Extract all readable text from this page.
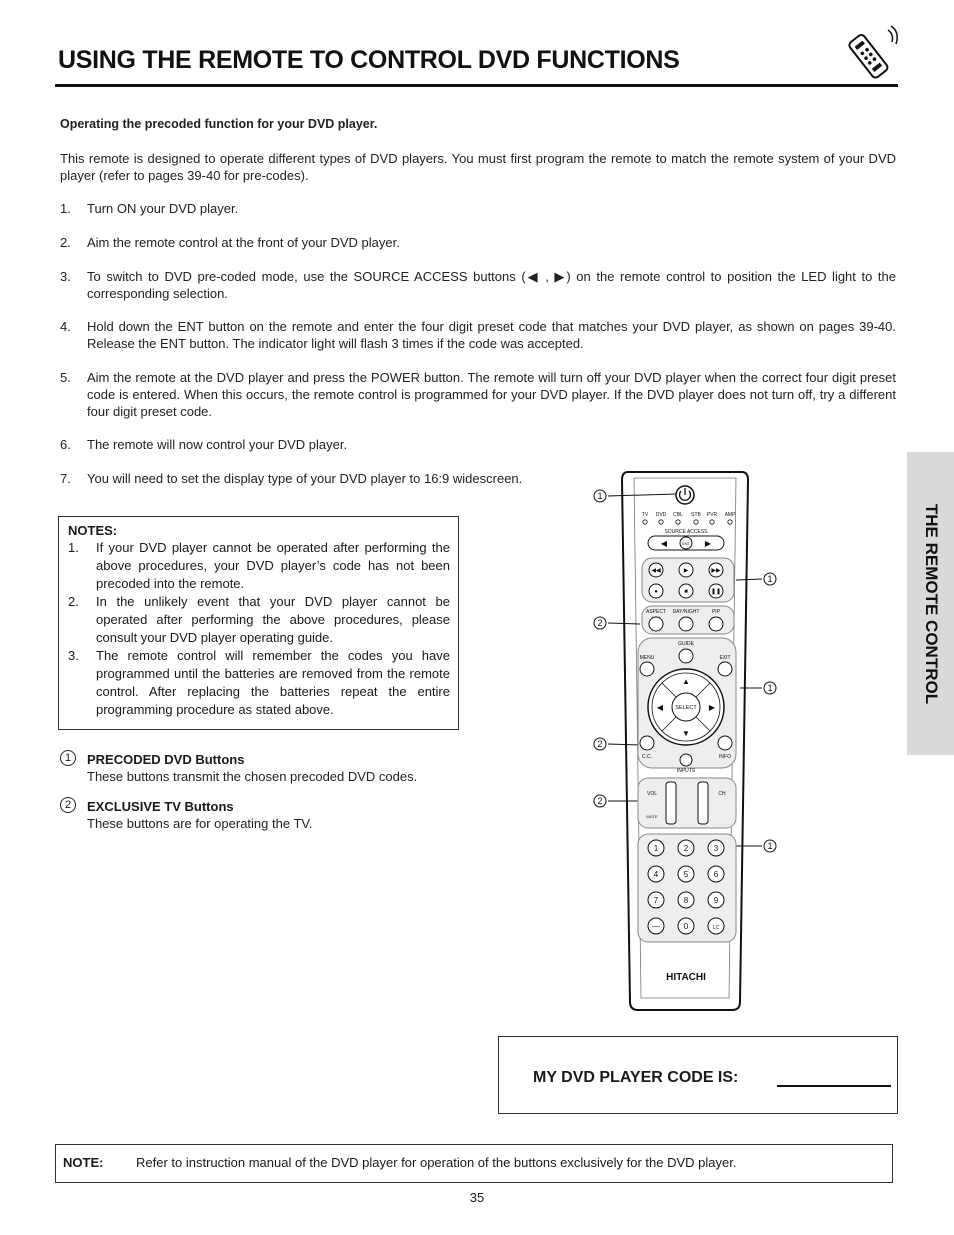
USING THE REMOTE TO CONTROL DVD FUNCTIONS
THE REMOTE CONTROL
Operating the precoded function for your DVD player.
This remote is designed to operate different types of DVD players. You must first program the remote to match the remote system of your DVD player (refer to pages 39-40 for pre-codes).
1.	Turn ON your DVD player.
2.	Aim the remote control at the front of your DVD player.
3.	To switch to DVD pre-coded mode, use the SOURCE ACCESS buttons (◀ , ▶) on the remote control to position the LED light to the corresponding selection.
4.	Hold down the ENT button on the remote and enter the four digit preset code that matches your DVD player, as shown on pages 39-40. Release the ENT button. The indicator light will flash 3 times if the code was accepted.
5.	Aim the remote at the DVD player and press the POWER button. The remote will turn off your DVD player when the correct four digit preset code is entered. When this occurs, the remote control is programmed for your DVD player. If the DVD player does not turn off, try a different four digit preset code.
6.	The remote will now control your DVD player.
7.	You will need to set the display type of your DVD player to 16:9 widescreen.
NOTES:
1.	If your DVD player cannot be operated after performing the above procedures, your DVD player’s code has not been precoded into the remote.
2.	In the unlikely event that your DVD player cannot be operated after performing the above procedures, please consult your DVD player operating guide.
3.	The remote control will remember the codes you have programmed until the batteries are removed from the remote control. After replacing the batteries repeat the entire programming procedure as stated above.
1	PRECODED DVD Buttons
These buttons transmit the chosen precoded DVD codes.
2	EXCLUSIVE TV Buttons
These buttons are for operating the TV.
1
1
2
1
2
2
1
TV DVD CBL STB PVR AMP
SOURCE ACCESS
◀	▶
ENT
◀◀	▶	▶▶
●	■	❚❚
ASPECT DAY/NIGHT	PIP
GUIDE
MENU	EXIT
SELECT
▲
▼
◀	▶
C.C.	INFO
INPUTS
VOL	CH
MUTE
1	2	3
4	5	6
7	8	9
—	0	LC
HITACHI
MY DVD PLAYER CODE IS:
NOTE:	Refer to instruction manual of the DVD player for operation of the buttons exclusively for the DVD player.
35
